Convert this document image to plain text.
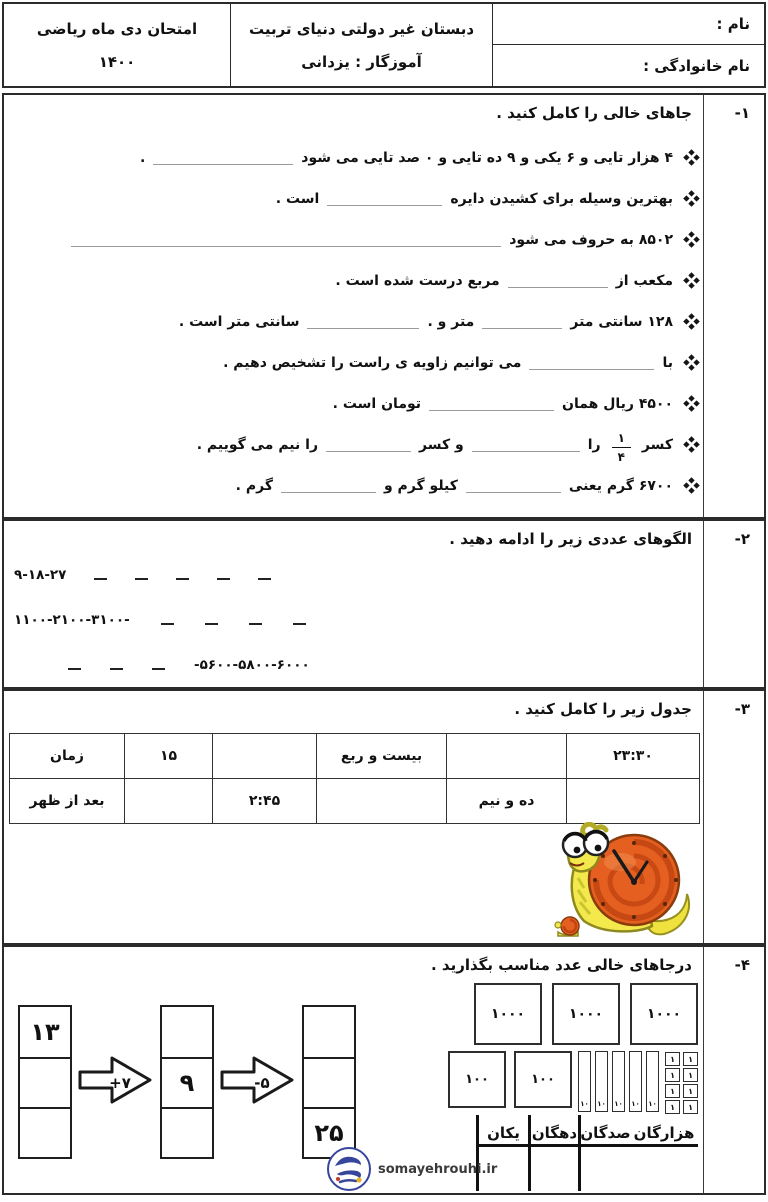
نام :
نام خانوادگی :
دبستان غیر دولتی دنیای تربیت
آموزگار : یزدانی
امتحان دی ماه ریاضی
۱۴۰۰
۱-
جاهای خالی را کامل کنید .
۴ هزار تایی و ۶ یکی و ۹ ده تایی و ۰ صد تایی می شود
.
بهترین وسیله برای کشیدن دایره
است .
۸۵۰۲ به حروف می شود
مکعب از
مربع درست شده است .
۱۲۸ سانتی متر
متر و .
سانتی متر است .
با
می توانیم زاویه ی راست را تشخیص دهیم .
۴۵۰۰ ریال همان
تومان است .
کسر
$\frac{۱}{۴}$
را
و کسر
را نیم می گوییم .
۶۷۰۰ گرم یعنی
کیلو گرم و
گرم .
۲-
الگوهای عددی زیر را ادامه دهید .
۹-۱۸-۲۷
۱۱۰۰-۲۱۰۰-۳۱۰۰-
-۵۶۰۰-۵۸۰۰-۶۰۰۰
۳-
جدول زیر را کامل کنید .
۲۳:۳۰
بیست و ربع
۱۵
زمان
ده و نیم
۲:۴۵
بعد از ظهر
۴-
درجاهای خالی عدد مناسب بگذارید .
۱۰۰۰
۱۰۰۰
۱۰۰۰
۱
۱
۱
۱
۱
۱
۱
۱
۱۰
۱۰
۱۰
۱۰
۱۰
۱۰۰
۱۰۰
هزارگان
صدگان
دهگان
یکان
۱۳
+۷	۹	-۵
۲۵
somayehrouhi.ir
